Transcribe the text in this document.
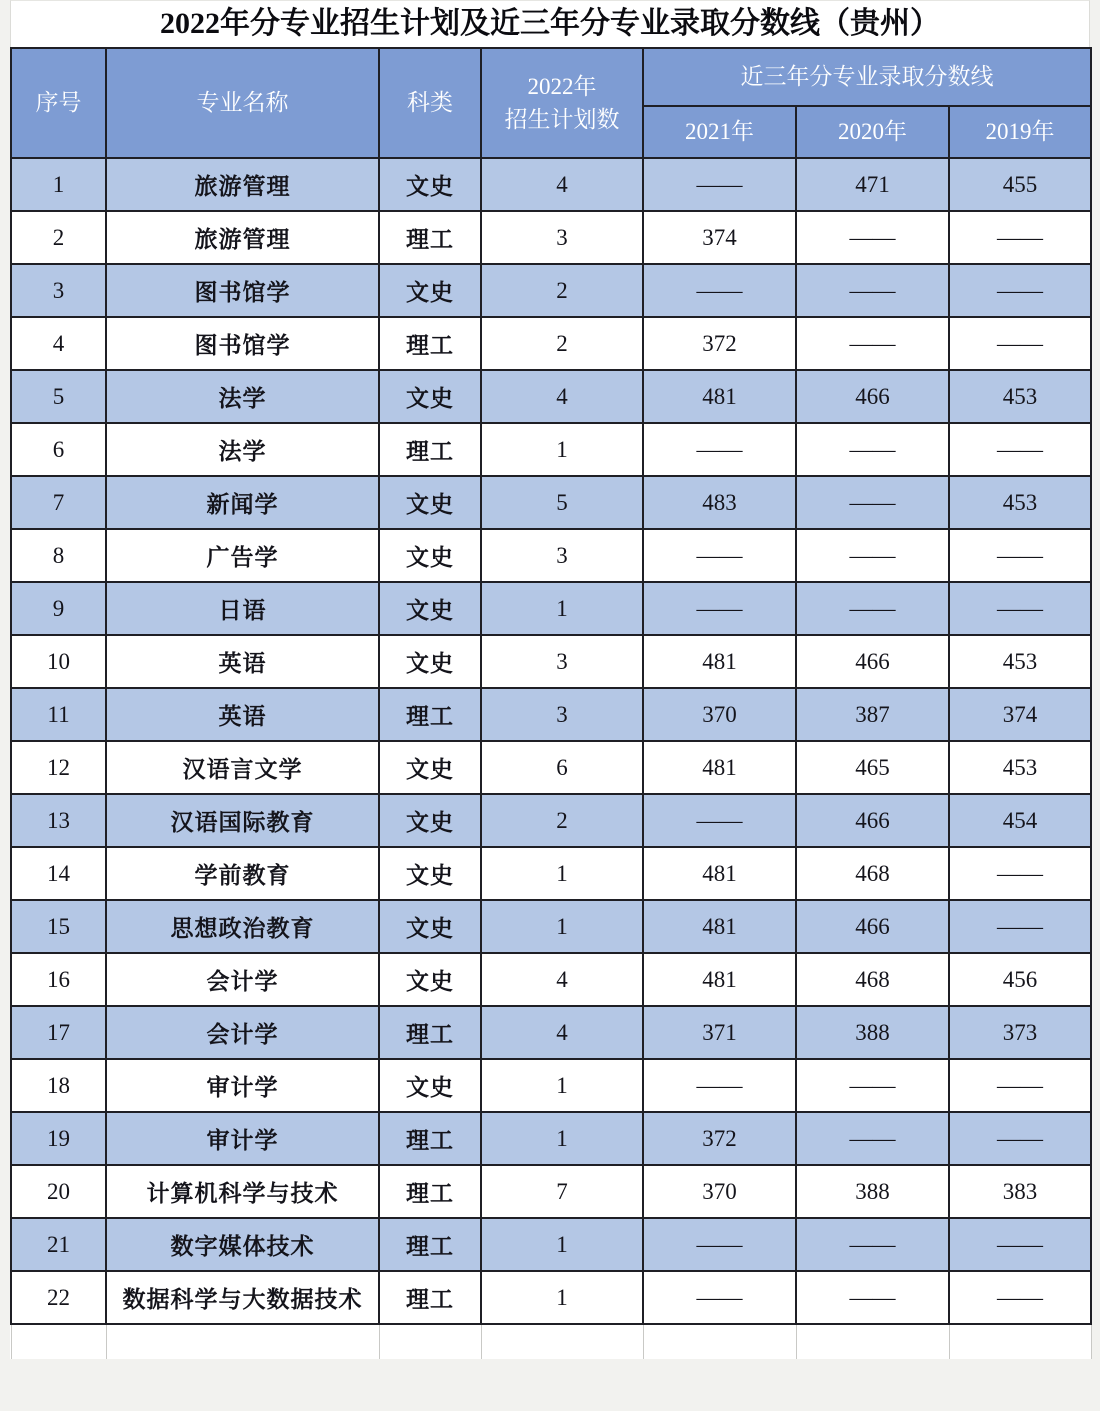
2022年分专业招生计划及近三年分专业录取分数线（贵州）
序号	专业名称	科类	2022年
招生计划数	近三年分专业录取分数线		
				2021年	2020年	2019年
1	旅游管理	文史	4	——	471	455
2	旅游管理	理工	3	374	——	——
3	图书馆学	文史	2	——	——	——
4	图书馆学	理工	2	372	——	——
5	法学	文史	4	481	466	453
6	法学	理工	1	——	——	——
7	新闻学	文史	5	483	——	453
8	广告学	文史	3	——	——	——
9	日语	文史	1	——	——	——
10	英语	文史	3	481	466	453
11	英语	理工	3	370	387	374
12	汉语言文学	文史	6	481	465	453
13	汉语国际教育	文史	2	——	466	454
14	学前教育	文史	1	481	468	——
15	思想政治教育	文史	1	481	466	——
16	会计学	文史	4	481	468	456
17	会计学	理工	4	371	388	373
18	审计学	文史	1	——	——	——
19	审计学	理工	1	372	——	——
20	计算机科学与技术	理工	7	370	388	383
21	数字媒体技术	理工	1	——	——	——
22	数据科学与大数据技术	理工	1	——	——	——
